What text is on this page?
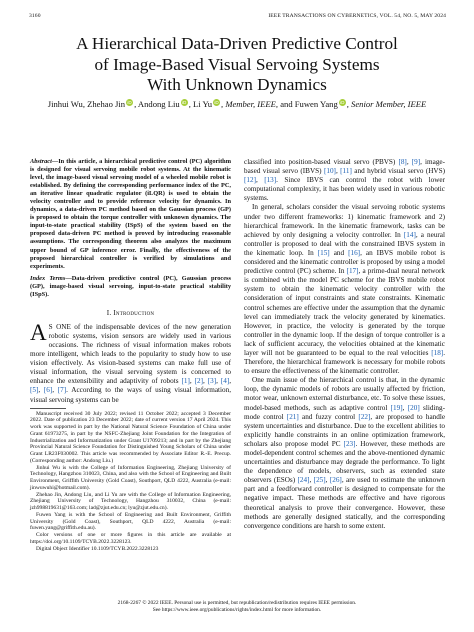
3160	IEEE TRANSACTIONS ON CYBERNETICS, VOL. 54, NO. 5, MAY 2024
A Hierarchical Data-Driven Predictive Control
of Image-Based Visual Servoing Systems
With Unknown Dynamics
Jinhui Wu, Zhehao Jin iD , Andong Liu iD , Li Yu iD , Member, IEEE, and Fuwen Yang iD , Senior Member, IEEE
Abstract—In this article, a hierarchical predictive control (PC) algorithm is designed for visual servoing mobile robot systems. At the kinematic level, the image-based visual servoing model of a wheeled mobile robot is established. By defining the corresponding performance index of the PC, an iterative linear quadratic regulator (iLQR) is used to obtain the velocity controller and to provide reference velocity for dynamics. In dynamics, a data-driven PC method based on the Gaussian process (GP) is proposed to obtain the torque controller with unknown dynamics. The input-to-state practical stability (ISpS) of the system based on the proposed data-driven PC method is proved by introducing reasonable assumptions. The corresponding theorem also analyzes the maximum upper bound of GP inference error. Finally, the effectiveness of the proposed hierarchical controller is verified by simulations and experiments.
Index Terms—Data-driven predictive control (PC), Gaussian process (GP), image-based visual servoing, input-to-state practical stability (ISpS).
I. Introduction
A S ONE of the indispensable devices of the new generation robotic systems, vision sensors are widely used in various occasions. The richness of visual information makes robots more intelligent, which leads to the popularity to study how to use vision effectively. As vision-based systems can make full use of visual information, the visual servoing system is concerned to enhance the extensibility and adaptivity of robots [1], [2], [3], [4], [5], [6], [7]. According to the ways of using visual information, visual servoing systems can be

Manuscript received 30 July 2022; revised 11 October 2022; accepted 3 December 2022. Date of publication 23 December 2022; date of current version 17 April 2024. This work was supported in part by the National Natural Science Foundation of China under Grant 61973275, in part by the NSFC-Zhejiang Joint Foundation for the Integration of Industrialization and Informatization under Grant U1709213; and in part by the Zhejiang Provincial Natural Science Foundation for Distinguished Young Scholars of China under Grant LR23F030002. This article was recommended by Associate Editor R.-E. Precup. (Corresponding author: Andong Liu.)

Jinhui Wu is with the College of Information Engineering, Zhejiang University of Technology, Hangzhou 310023, China, and also with the School of Engineering and Built Environment, Griffith University (Gold Coast), Southport, QLD 4222, Australia (e-mail: jinwuwuhi@hotmail.com).

Zhehao Jin, Andong Liu, and Li Yu are with the College of Information Engineering, Zhejiang University of Technology, Hangzhou 310032, China (e-mail: jzh998819631@163.com; lad@zjut.edu.cn; lyu@zjut.edu.cn).

Fuwen Yang is with the School of Engineering and Built Environment, Griffith University (Gold Coast), Southport, QLD 4222, Australia (e-mail: fuwen.yang@griffith.edu.au).

Color versions of one or more figures in this article are available at https://doi.org/10.1109/TCYB.2022.3228123.

Digital Object Identifier 10.1109/TCYB.2022.3228123

classified into position-based visual servo (PBVS) [8], [9], image-based visual servo (IBVS) [10], [11] and hybrid visual servo (HVS) [12], [13]. Since IBVS can control the robot with lower computational complexity, it has been widely used in various robotic systems.

In general, scholars consider the visual servoing robotic systems under two different frameworks: 1) kinematic framework and 2) hierarchical framework. In the kinematic framework, tasks can be achieved by only designing a velocity controller. In [14], a neural controller is proposed to deal with the constrained IBVS system in the kinematic loop. In [15] and [16], an IBVS mobile robot is considered and the kinematic controller is proposed by using a model predictive control (PC) scheme. In [17], a prime-dual neural network is combined with the model PC scheme for the IBVS mobile robot system to obtain the kinematic velocity controller with the consideration of input constraints and state constraints. Kinematic control schemes are effective under the assumption that the dynamic level can immediately track the velocity generated by kinematics. However, in practice, the velocity is generated by the torque controller in the dynamic loop. If the design of torque controller is a lack of sufficient accuracy, the velocities obtained at the kinematic layer will not be guaranteed to be equal to the real velocities [18]. Therefore, the hierarchical framework is necessary for mobile robots to ensure the effectiveness of the kinematic controller.

One main issue of the hierarchical control is that, in the dynamic loop, the dynamic models of robots are usually affected by friction, motor wear, unknown external disturbance, etc. To solve these issues, model-based methods, such as adaptive control [19], [20] sliding-mode control [21] and fuzzy control [22], are proposed to handle system uncertainties and disturbance. Due to the excellent abilities to explicitly handle constraints in an online optimization framework, scholars also propose model PC [23]. However, these methods are model-dependent control schemes and the above-mentioned dynamic uncertainties and disturbance may degrade the performance. To light the dependence of models, observers, such as extended state observers (ESOs) [24], [25], [26], are used to estimate the unknown part and a feedforward controller is designed to compensate for the negative impact. These methods are effective and have rigorous theoretical analysis to prove their convergence. However, these methods are generally designed statically, and the corresponding convergence conditions are harsh to some extent.

2168-2267 © 2022 IEEE. Personal use is permitted, but republication/redistribution requires IEEE permission.
See https://www.ieee.org/publications/rights/index.html for more information.
